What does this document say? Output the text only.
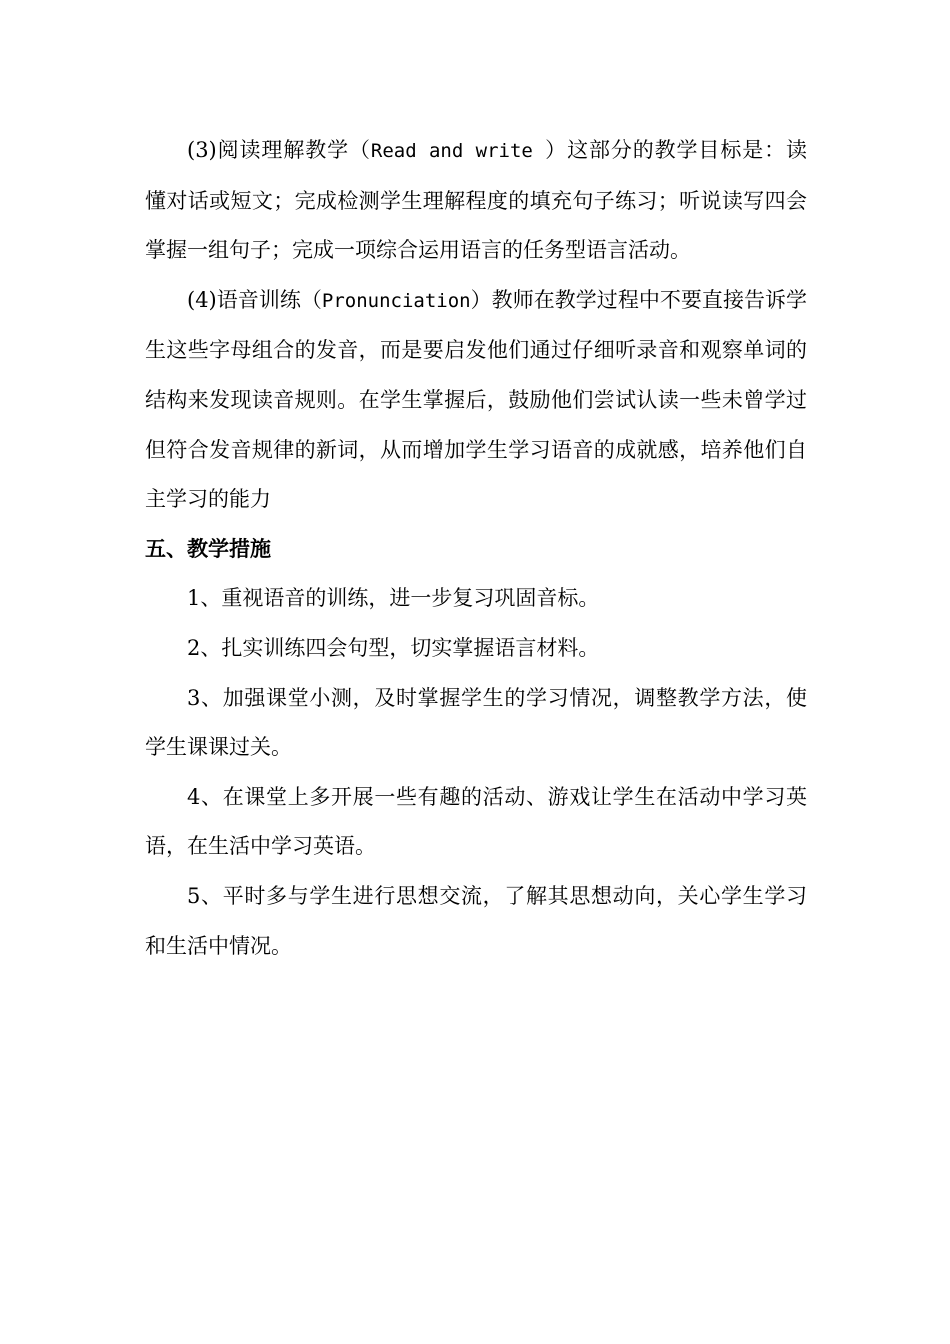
(3)阅读理解教学（Read and write ）这部分的教学目标是：读懂对话或短文；完成检测学生理解程度的填充句子练习；听说读写四会掌握一组句子；完成一项综合运用语言的任务型语言活动。

(4)语音训练（Pronunciation）教师在教学过程中不要直接告诉学生这些字母组合的发音，而是要启发他们通过仔细听录音和观察单词的结构来发现读音规则。在学生掌握后，鼓励他们尝试认读一些未曾学过但符合发音规律的新词，从而增加学生学习语音的成就感，培养他们自主学习的能力

五、教学措施

1、重视语音的训练，进一步复习巩固音标。

2、扎实训练四会句型，切实掌握语言材料。

3、加强课堂小测，及时掌握学生的学习情况，调整教学方法，使学生课课过关。

4、在课堂上多开展一些有趣的活动、游戏让学生在活动中学习英语，在生活中学习英语。

5、平时多与学生进行思想交流，了解其思想动向，关心学生学习和生活中情况。
